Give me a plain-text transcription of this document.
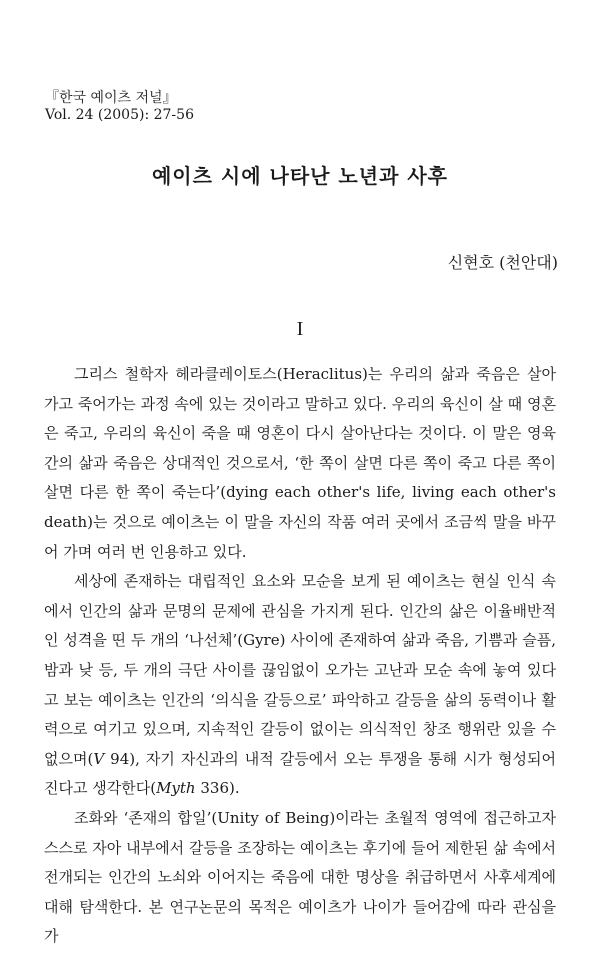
『한국 예이츠 저널』
Vol. 24 (2005): 27-56
예이츠 시에 나타난 노년과 사후
신현호 (천안대)
I

그리스 철학자 헤라클레이토스(Heraclitus)는 우리의 삶과 죽음은 살아가고 죽어가는 과정 속에 있는 것이라고 말하고 있다. 우리의 육신이 살 때 영혼은 죽고, 우리의 육신이 죽을 때 영혼이 다시 살아난다는 것이다. 이 말은 영육간의 삶과 죽음은 상대적인 것으로서, ‘한 쪽이 살면 다른 쪽이 죽고 다른 쪽이 살면 다른 한 쪽이 죽는다’(dying each other's life, living each other's death)는 것으로 예이츠는 이 말을 자신의 작품 여러 곳에서 조금씩 말을 바꾸어 가며 여러 번 인용하고 있다.

세상에 존재하는 대립적인 요소와 모순을 보게 된 예이츠는 현실 인식 속에서 인간의 삶과 문명의 문제에 관심을 가지게 된다. 인간의 삶은 이율배반적인 성격을 띤 두 개의 ‘나선체’(Gyre) 사이에 존재하여 삶과 죽음, 기쁨과 슬픔, 밤과 낮 등, 두 개의 극단 사이를 끊임없이 오가는 고난과 모순 속에 놓여 있다고 보는 예이츠는 인간의 ‘의식을 갈등으로’ 파악하고 갈등을 삶의 동력이나 활력으로 여기고 있으며, 지속적인 갈등이 없이는 의식적인 창조 행위란 있을 수 없으며(V 94), 자기 자신과의 내적 갈등에서 오는 투쟁을 통해 시가 형성되어진다고 생각한다(Myth 336).

조화와 ‘존재의 합일’(Unity of Being)이라는 초월적 영역에 접근하고자 스스로 자아 내부에서 갈등을 조장하는 예이츠는 후기에 들어 제한된 삶 속에서 전개되는 인간의 노쇠와 이어지는 죽음에 대한 명상을 취급하면서 사후세계에 대해 탐색한다. 본 연구논문의 목적은 예이츠가 나이가 들어감에 따라 관심을 가
